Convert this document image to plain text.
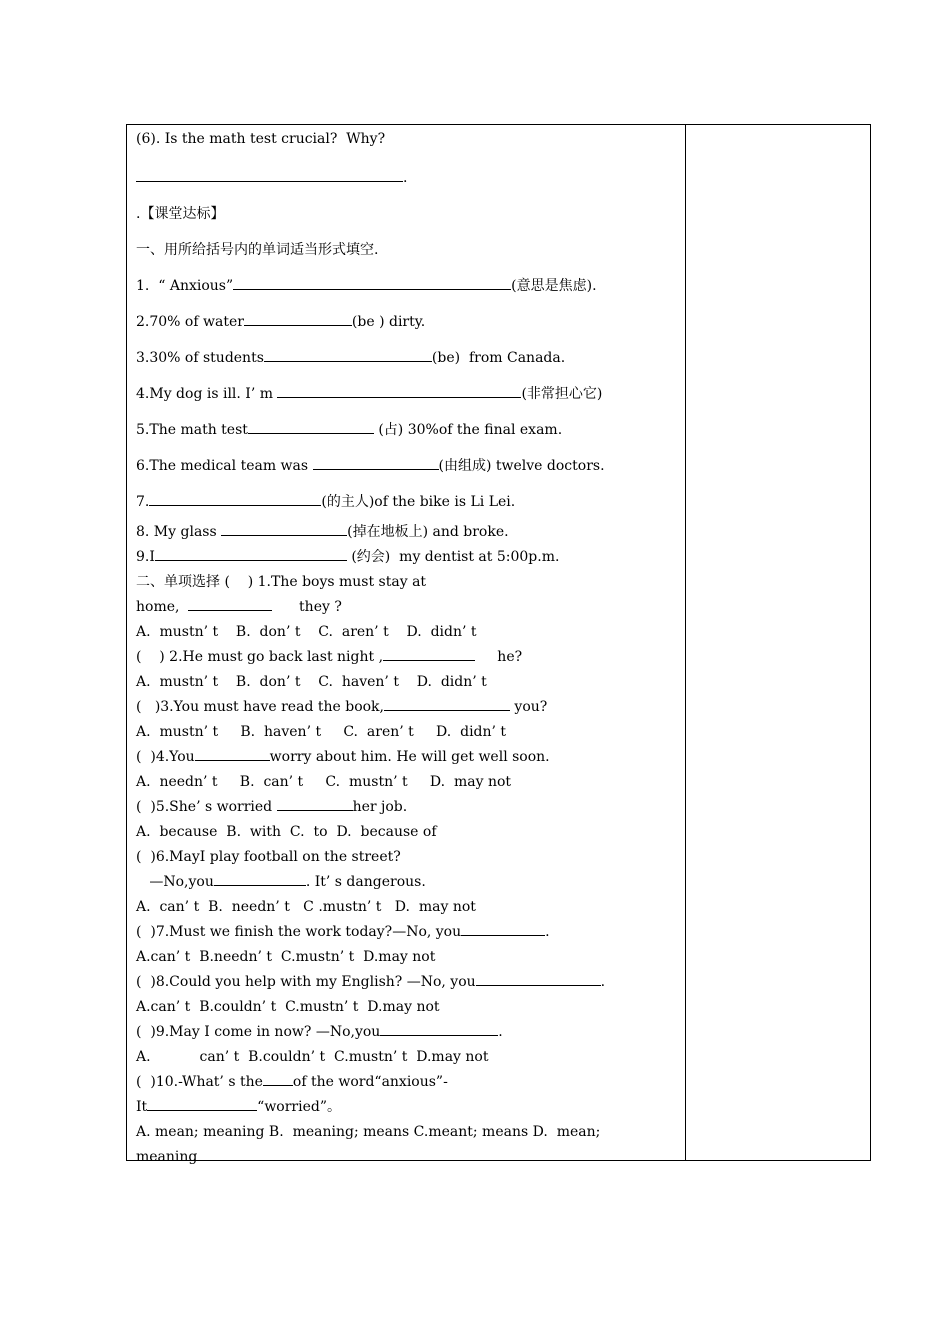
(6). Is the math test crucial?  Why?
.
.【课堂达标】
一、用所给括号内的单词适当形式填空.
1.  “ Anxious”	(意思是焦虑).
2.70% of water	(be ) dirty.
3.30% of students	(be)  from Canada.
4.My dog is ill. I’ m	(非常担心它)
5.The math test	(占) 30%of the final exam.
6.The medical team was	(由组成) twelve doctors.
7.	(的主人)of the bike is Li Lei.
8. My glass	(掉在地板上) and broke.
9.I	(约会)  my dentist at 5:00p.m.
二、单项选择 (    ) 1.The boys must stay at
home,	they ?
A.  mustn’ t    B.  don’ t    C.  aren’ t    D.  didn’ t
(    ) 2.He must go back last night ,	he?
A.  mustn’ t    B.  don’ t    C.  haven’ t    D.  didn’ t
(   )3.You must have read the book,	you?
A.  mustn’ t     B.  haven’ t     C.  aren’ t     D.  didn’ t
(  )4.You	worry about him. He will get well soon.
A.  needn’ t     B.  can’ t     C.  mustn’ t     D.  may not
(  )5.She’ s worried	her job.
A.  because  B.  with  C.  to  D.  because of
(  )6.MayI play football on the street?
—No,you	. It’ s dangerous.
A.  can’ t  B.  needn’ t   C .mustn’ t   D.  may not
(  )7.Must we finish the work today?—No, you	.
A.can’ t  B.needn’ t  C.mustn’ t  D.may not
(  )8.Could you help with my English? —No, you	.
A.can’ t  B.couldn’ t  C.mustn’ t  D.may not
(  )9.May I come in now? —No,you	.
A.           can’ t  B.couldn’ t  C.mustn’ t  D.may not
(  )10.-What’ s the of the word“anxious”-
It	“worried”。
A. mean; meaning B.  meaning; means C.meant; means D.  mean;
meaning
